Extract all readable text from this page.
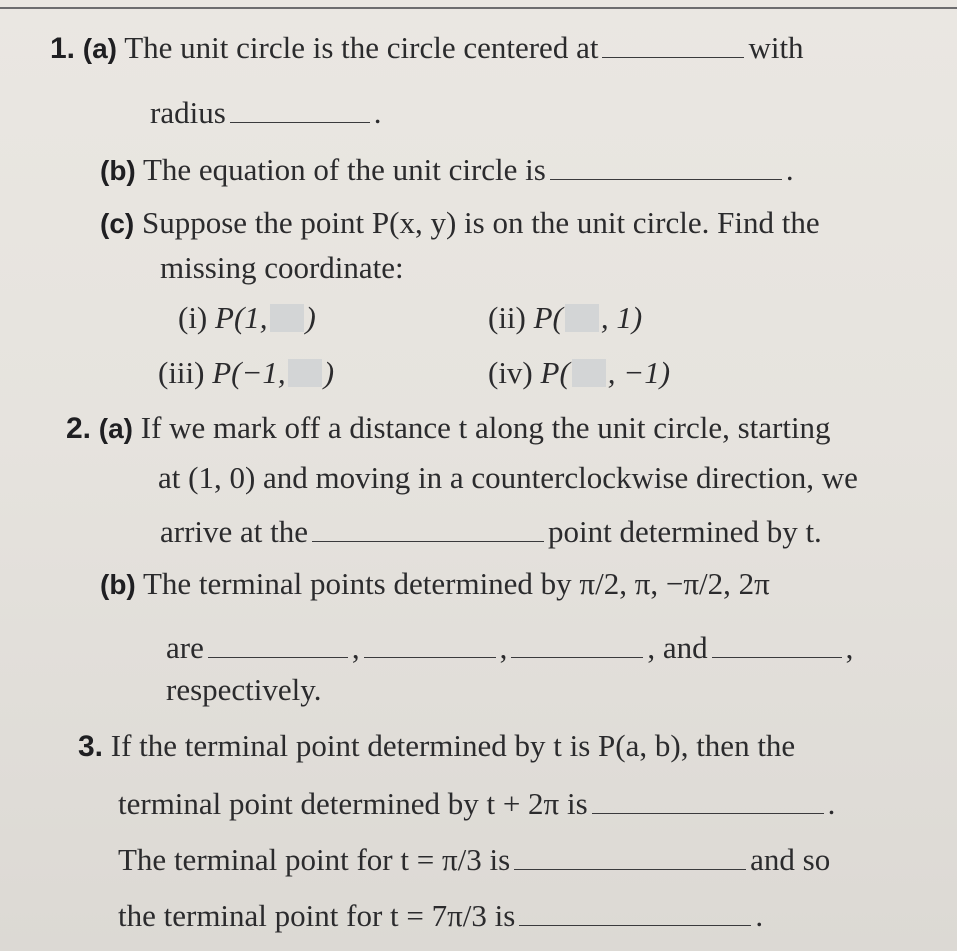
1. (a) The unit circle is the circle centered at	with
radius	.
(b) The equation of the unit circle is	.
(c) Suppose the point P(x, y) is on the unit circle. Find the
missing coordinate:
(i) P(1, )	(ii) P( , 1)
(iii) P(−1, )	(iv) P( , −1)
2. (a) If we mark off a distance t along the unit circle, starting
at (1, 0) and moving in a counterclockwise direction, we
arrive at the	point determined by t.
(b) The terminal points determined by π/2, π, −π/2, 2π
are	,	,	, and	,
respectively.
3. If the terminal point determined by t is P(a, b), then the
terminal point determined by t + 2π is	.
The terminal point for t = π/3 is	and so
the terminal point for t = 7π/3 is	.
